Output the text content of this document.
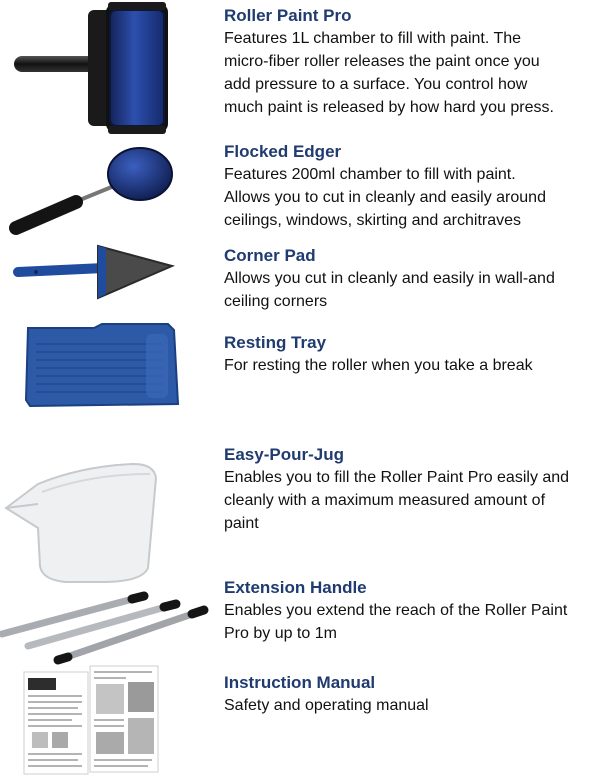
Roller Paint Pro

Features 1L chamber to fill with paint. The

micro-fiber roller releases the paint once you

add pressure to a surface. You control how

much paint is released by how hard you press.

Flocked Edger

Features 200ml chamber to fill with paint.

Allows you to cut in cleanly and easily around

ceilings, windows, skirting and architraves

Corner Pad

Allows you cut in cleanly and easily in wall-and

ceiling corners

Resting Tray

For resting the roller when you take a break

Easy-Pour-Jug

Enables you to fill the Roller Paint Pro easily and

cleanly with a maximum measured amount of

paint

Extension Handle

Enables you extend the reach of the Roller Paint

Pro by up to 1m

Instruction Manual

Safety and operating manual
